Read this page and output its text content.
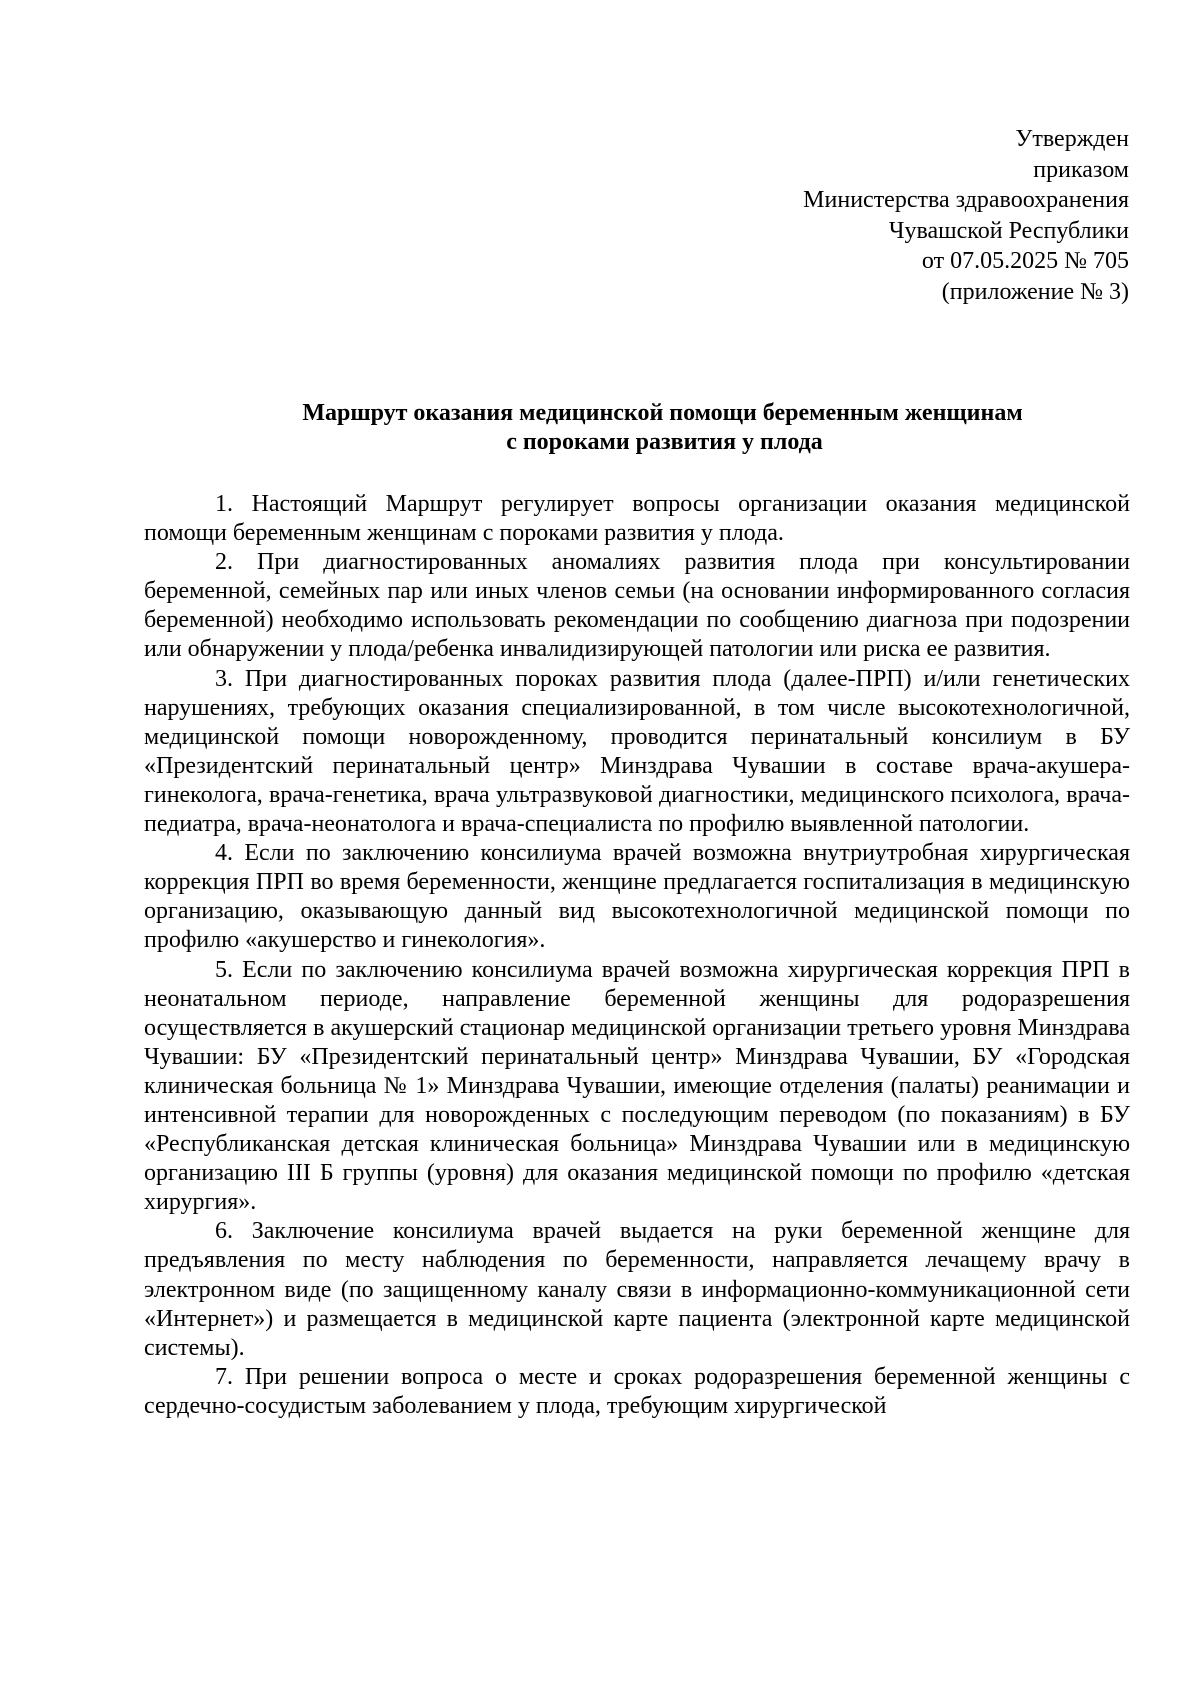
Утвержден
приказом
Министерства здравоохранения
Чувашской Республики
от 07.05.2025 № 705
(приложение № 3)
Маршрут оказания медицинской помощи беременным женщинам
с пороками развития у плода

1. Настоящий Маршрут регулирует вопросы организации оказания медицинской помощи беременным женщинам с пороками развития у плода.

2. При диагностированных аномалиях развития плода при консультировании беременной, семейных пар или иных членов семьи (на основании информированного согласия беременной) необходимо использовать рекомендации по сообщению диагноза при подозрении или обнаружении у плода/ребенка инвалидизирующей патологии или риска ее развития.

3. При диагностированных пороках развития плода (далее-ПРП) и/или генетических нарушениях, требующих оказания специализированной, в том числе высокотехнологичной, медицинской помощи новорожденному, проводится перинатальный консилиум в БУ «Президентский перинатальный центр» Минздрава Чувашии в составе врача-акушера-гинеколога, врача-генетика, врача ультразвуковой диагностики, медицинского психолога, врача-педиатра, врача-неонатолога и врача-специалиста по профилю выявленной патологии.

4. Если по заключению консилиума врачей возможна внутриутробная хирургическая коррекция ПРП во время беременности, женщине предлагается госпитализация в медицинскую организацию, оказывающую данный вид высокотехнологичной медицинской помощи по профилю «акушерство и гинекология».

5. Если по заключению консилиума врачей возможна хирургическая коррекция ПРП в неонатальном периоде, направление беременной женщины для родоразрешения осуществляется в акушерский стационар медицинской организации третьего уровня Минздрава Чувашии: БУ «Президентский перинатальный центр» Минздрава Чувашии, БУ «Городская клиническая больница № 1» Минздрава Чувашии, имеющие отделения (палаты) реанимации и интенсивной терапии для новорожденных с последующим переводом (по показаниям) в БУ «Республиканская детская клиническая больница» Минздрава Чувашии или в медицинскую организацию III Б группы (уровня) для оказания медицинской помощи по профилю «детская хирургия».

6. Заключение консилиума врачей выдается на руки беременной женщине для предъявления по месту наблюдения по беременности, направляется лечащему врачу в электронном виде (по защищенному каналу связи в информационно-коммуникационной сети «Интернет») и размещается в медицинской карте пациента (электронной карте медицинской системы).

7. При решении вопроса о месте и сроках родоразрешения беременной женщины с сердечно-сосудистым заболеванием у плода, требующим хирургической
